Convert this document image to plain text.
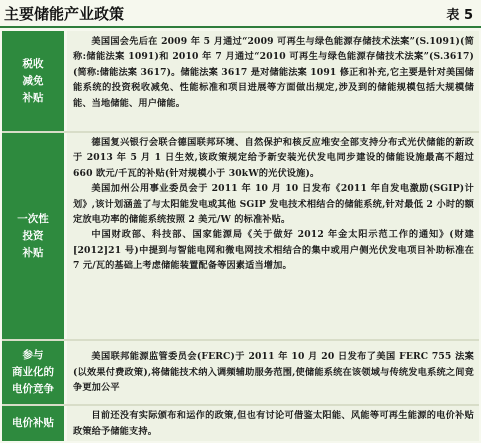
主要储能产业政策	表 5
税收
减免
补贴

美国国会先后在 2009 年 5 月通过“2009 可再生与绿色能源存储技术法案”(S.1091)(简称:储能法案 1091)和 2010 年 7 月通过“2010 可再生与绿色能源存储技术法案”(S.3617)(简称:储能法案 3617)。储能法案 3617 是对储能法案 1091 修正和补充,它主要是针对美国储能系统的投资税收减免、性能标准和项目进展等方面做出规定,涉及到的储能规模包括大规模储能、当地储能、用户储能。

一次性
投资
补贴

德国复兴银行会联合德国联邦环境、自然保护和核反应堆安全部支持分布式光伏储能的新政于 2013 年 5 月 1 日生效,该政策规定给予新安装光伏发电同步建设的储能设施最高不超过 660 欧元/千瓦的补贴(针对规模小于 30kW的光伏设施)。

美国加州公用事业委员会于 2011 年 10 月 10 日发布《2011 年自发电激励(SGIP)计划》,该计划涵盖了与太阳能发电或其他 SGIP 发电技术相结合的储能系统,针对最低 2 小时的额定放电功率的储能系统按照 2 美元/W 的标准补贴。

中国财政部、科技部、国家能源局《关于做好 2012 年金太阳示范工作的通知》(财建[2012]21 号)中提到与智能电网和微电网技术相结合的集中或用户侧光伏发电项目补助标准在 7 元/瓦的基础上考虑储能装置配备等因素适当增加。

参与
商业化的
电价竞争

美国联邦能源监管委员会(FERC)于 2011 年 10 月 20 日发布了美国 FERC 755 法案(以效果付费政策),将储能技术纳入调频辅助服务范围,使储能系统在该领域与传统发电系统之间竞争更加公平

电价补贴

目前还没有实际颁布和运作的政策,但也有讨论可借鉴太阳能、风能等可再生能源的电价补贴政策给予储能支持。
